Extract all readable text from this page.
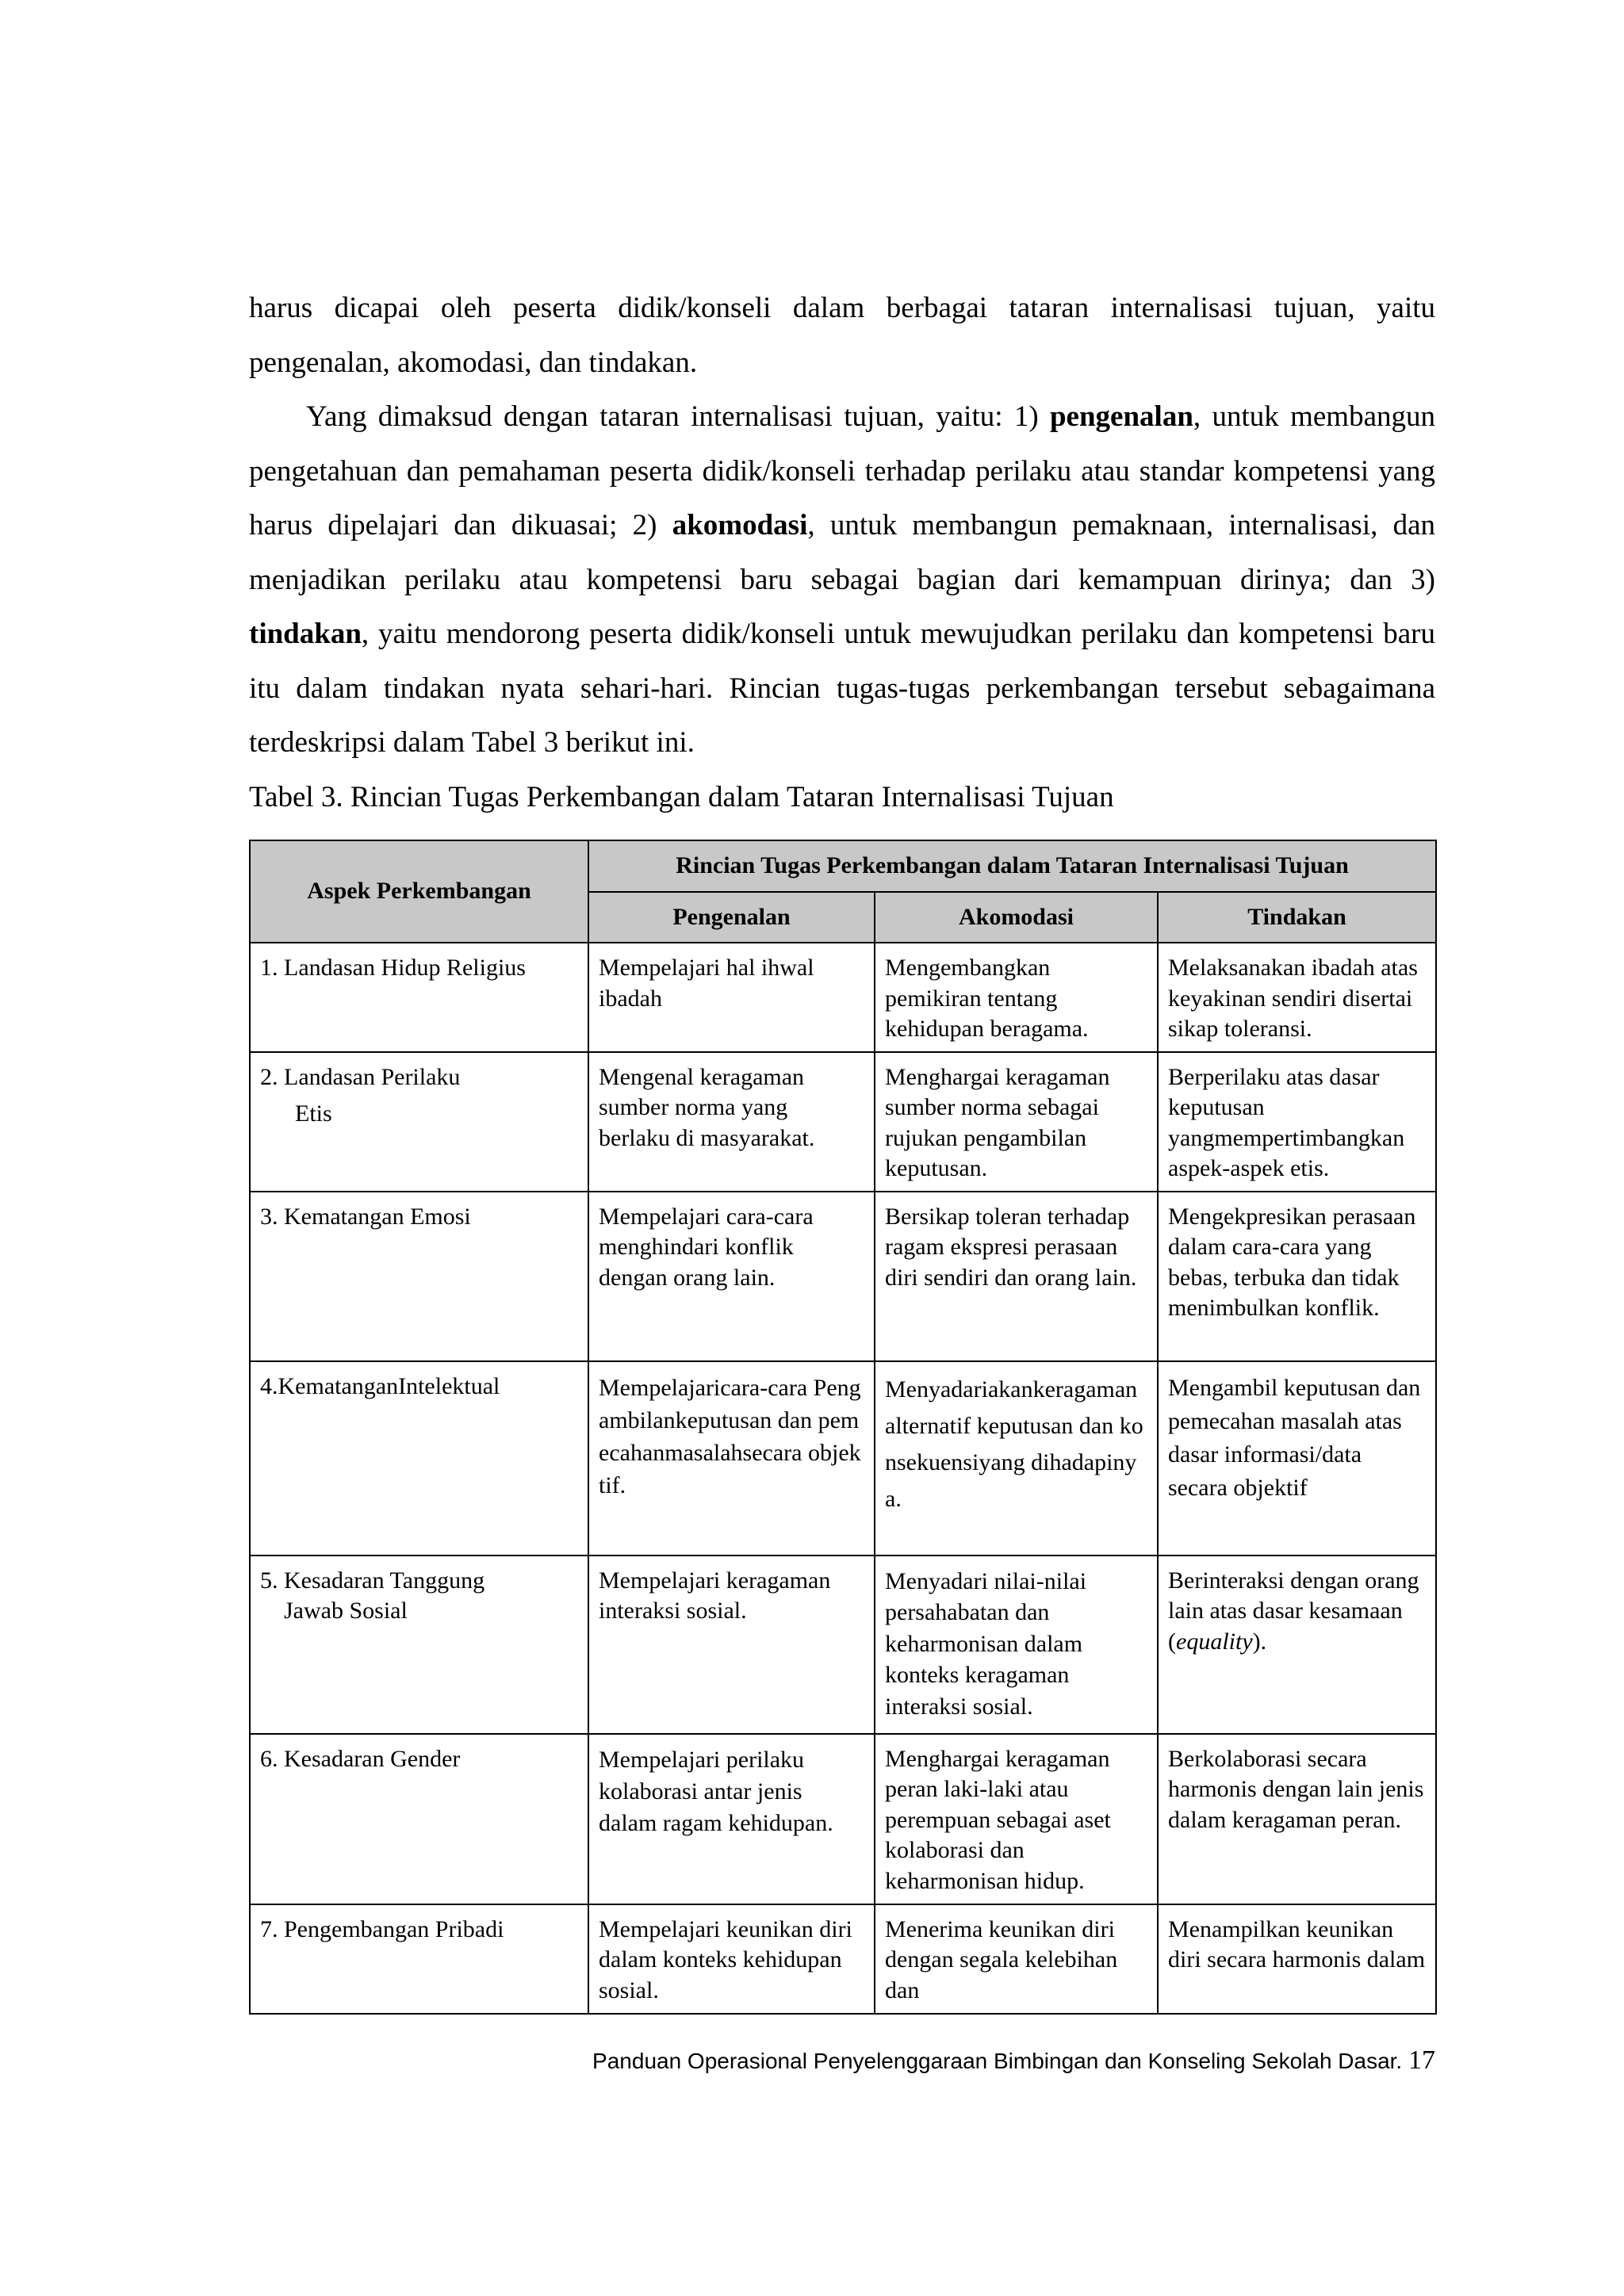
harus dicapai oleh peserta didik/konseli dalam berbagai tataran internalisasi tujuan, yaitu pengenalan, akomodasi, dan tindakan.

Yang dimaksud dengan tataran internalisasi tujuan, yaitu: 1) pengenalan, untuk membangun pengetahuan dan pemahaman peserta didik/konseli terhadap perilaku atau standar kompetensi yang harus dipelajari dan dikuasai; 2) akomodasi, untuk membangun pemaknaan, internalisasi, dan menjadikan perilaku atau kompetensi baru sebagai bagian dari kemampuan dirinya; dan 3) tindakan, yaitu mendorong peserta didik/konseli untuk mewujudkan perilaku dan kompetensi baru itu dalam tindakan nyata sehari-hari. Rincian tugas-tugas perkembangan tersebut sebagaimana terdeskripsi dalam Tabel 3 berikut ini.

Tabel 3. Rincian Tugas Perkembangan dalam Tataran Internalisasi Tujuan

Aspek Perkembangan	Rincian Tugas Perkembangan dalam Tataran Internalisasi Tujuan		
	Pengenalan	Akomodasi	Tindakan

1. Landasan Hidup Religius	Mempelajari hal ihwal ibadah	Mengembangkan pemikiran tentang kehidupan beragama.	Melaksanakan ibadah atas keyakinan sendiri disertai sikap toleransi.

2. Landasan Perilaku
Etis	Mengenal keragaman sumber norma yang berlaku di masyarakat.	Menghargai keragaman sumber norma sebagai rujukan pengambilan keputusan.	Berperilaku atas dasar keputusan yangmempertimbangkan aspek-aspek etis.

3. Kematangan Emosi	Mempelajari cara-cara menghindari konflik dengan orang lain.	Bersikap toleran terhadap ragam ekspresi perasaan diri sendiri dan orang lain.	Mengekpresikan perasaan dalam cara-cara yang bebas, terbuka dan tidak menimbulkan konflik.

4.KematanganIntelektual	Mempelajaricara-cara Pengambilankeputusan dan pemecahanmasalahsecara objektif.	Menyadariakankeragamanalternatif keputusan dan konsekuensiyang dihadapinya.	Mengambil keputusan dan pemecahan masalah atas dasar informasi/data secara objektif

5. Kesadaran Tanggung
Jawab Sosial	Mempelajari keragaman interaksi sosial.	Menyadari nilai-nilai persahabatan dan keharmonisan dalam konteks keragaman interaksi sosial.	Berinteraksi dengan orang lain atas dasar kesamaan (equality).

6. Kesadaran Gender	Mempelajari perilaku kolaborasi antar jenis dalam ragam kehidupan.	Menghargai keragaman peran laki-laki atau perempuan sebagai aset kolaborasi dan keharmonisan hidup.	Berkolaborasi secara harmonis dengan lain jenis dalam keragaman peran.

7. Pengembangan Pribadi	Mempelajari keunikan diri dalam konteks kehidupan sosial.	Menerima keunikan diri dengan segala kelebihan dan	Menampilkan keunikan diri secara harmonis dalam
Panduan Operasional Penyelenggaraan Bimbingan dan Konseling Sekolah Dasar. 17
